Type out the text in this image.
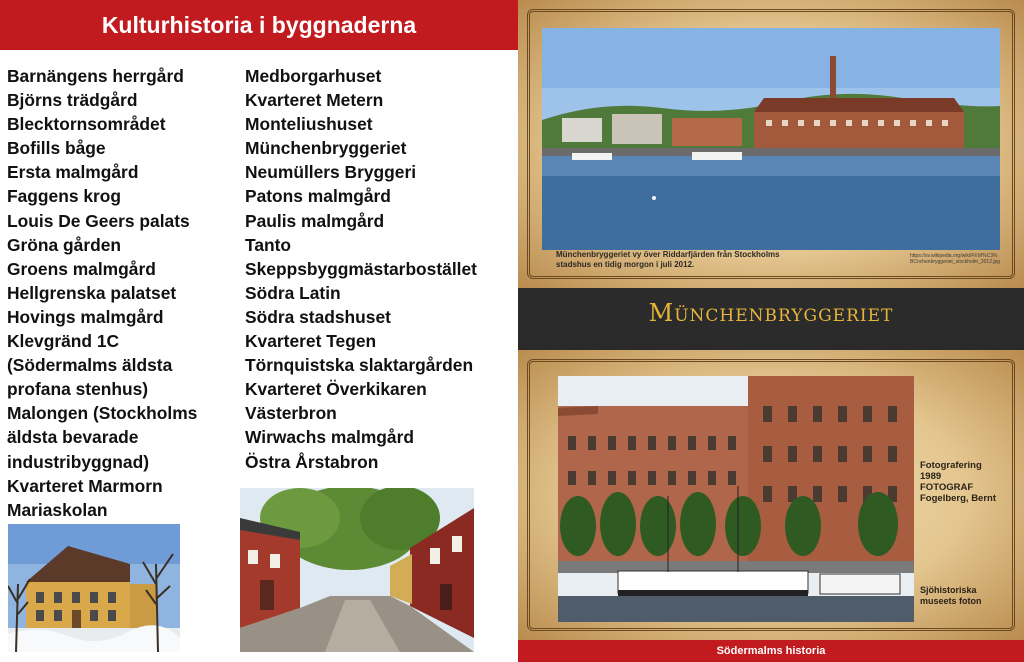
Kulturhistoria i byggnaderna
Barnängens herrgård
Björns trädgård
Blecktornsområdet
Bofills båge
Ersta malmgård
Faggens krog
Louis De Geers palats
Gröna gården
Groens malmgård
Hellgrenska palatset
Hovings malmgård
Klevgränd 1C
(Södermalms äldsta
profana stenhus)
Malongen (Stockholms
äldsta bevarade
industribyggnad)
Kvarteret Marmorn
Mariaskolan
Medborgarhuset
Kvarteret Metern
Monteliushuset
Münchenbryggeriet
Neumüllers Bryggeri
Patons malmgård
Paulis malmgård
Tanto
Skeppsbyggmästarbostället
Södra Latin
Södra stadshuset
Kvarteret Tegen
Törnquistska slaktargården
Kvarteret Överkikaren
Västerbron
Wirwachs malmgård
Östra Årstabron
Münchenbryggeriet vy över Riddarfjärden från Stockholms
stadshus en tidig morgon i juli 2012.
https://sv.wikipedia.org/wiki/Fil:M%C3%
BCnchenbryggeriet_stockholm_2012.jpg
Münchenbryggeriet
Fotografering
1989
FOTOGRAF
Fogelberg, Bernt
Sjöhistoriska
museets foton
Södermalms historia
